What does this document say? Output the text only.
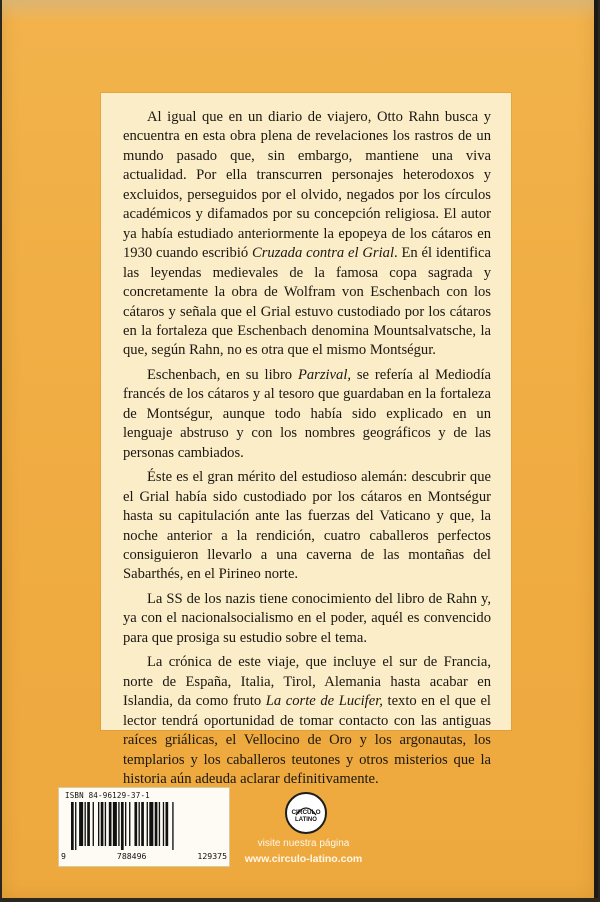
Al igual que en un diario de viajero, Otto Rahn busca y encuentra en esta obra plena de revelaciones los rastros de un mundo pasado que, sin embargo, mantiene una viva actualidad. Por ella transcurren personajes heterodoxos y excluidos, perseguidos por el olvido, negados por los círculos académicos y difamados por su concepción religiosa. El autor ya había estudiado anteriormente la epopeya de los cátaros en 1930 cuando escribió Cruzada contra el Grial. En él identifica las leyendas medievales de la famosa copa sagrada y concretamente la obra de Wolfram von Eschenbach con los cátaros y señala que el Grial estuvo custodiado por los cátaros en la fortaleza que Eschenbach denomina Mountsalvatsche, la que, según Rahn, no es otra que el mismo Montségur.

Eschenbach, en su libro Parzival, se refería al Mediodía francés de los cátaros y al tesoro que guardaban en la fortaleza de Montségur, aunque todo había sido explicado en un lenguaje abstruso y con los nombres geográficos y de las personas cambiados.

Éste es el gran mérito del estudioso alemán: descubrir que el Grial había sido custodiado por los cátaros en Montségur hasta su capitulación ante las fuerzas del Vaticano y que, la noche anterior a la rendición, cuatro caballeros perfectos consiguieron llevarlo a una caverna de las montañas del Sabarthés, en el Pirineo norte.

La SS de los nazis tiene conocimiento del libro de Rahn y, ya con el nacionalsocialismo en el poder, aquél es convencido para que prosiga su estudio sobre el tema.

La crónica de este viaje, que incluye el sur de Francia, norte de España, Italia, Tirol, Alemania hasta acabar en Islandia, da como fruto La corte de Lucifer, texto en el que el lector tendrá oportunidad de tomar contacto con las antiguas raíces griálicas, el Vellocino de Oro y los argonautas, los templarios y los caballeros teutones y otros misterios que la historia aún adeuda aclarar definitivamente.

ISBN 84-96129-37-1
9	788496	129375
CIRCULO
LATINO
visite nuestra página
www.circulo-latino.com
